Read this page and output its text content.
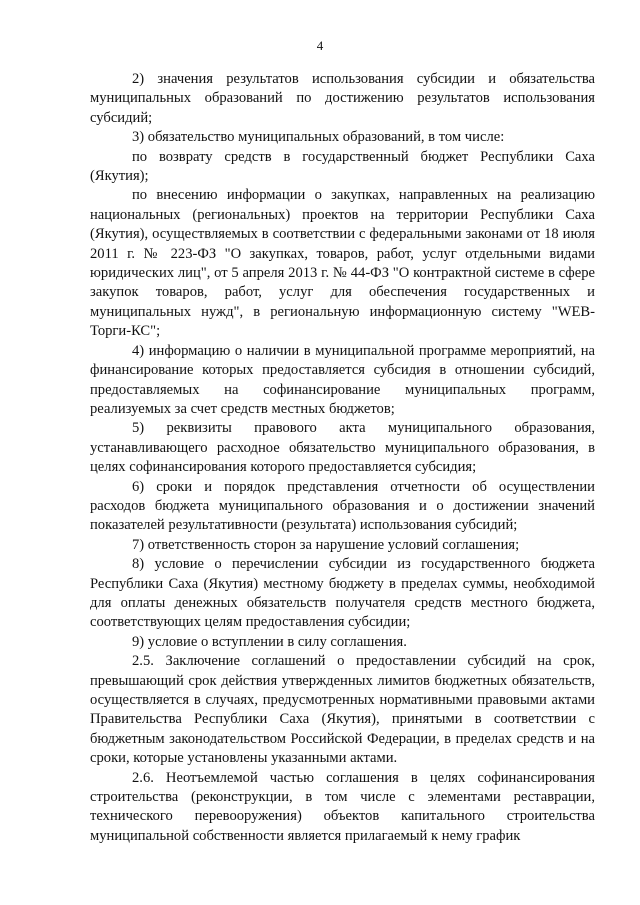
4

2) значения результатов использования субсидии и обязательства муниципальных образований по достижению результатов использования субсидий;

3) обязательство муниципальных образований, в том числе:

по возврату средств в государственный бюджет Республики Саха (Якутия);

по внесению информации о закупках, направленных на реализацию национальных (региональных) проектов на территории Республики Саха (Якутия), осуществляемых в соответствии с федеральными законами от 18 июля 2011 г. № 223-ФЗ "О закупках, товаров, работ, услуг отдельными видами юридических лиц", от 5 апреля 2013 г. № 44-ФЗ "О контрактной системе в сфере закупок товаров, работ, услуг для обеспечения государственных и муниципальных нужд", в региональную информационную систему "WEB-Торги-КС";

4) информацию о наличии в муниципальной программе мероприятий, на финансирование которых предоставляется субсидия в отношении субсидий, предоставляемых на софинансирование муниципальных программ, реализуемых за счет средств местных бюджетов;

5) реквизиты правового акта муниципального образования, устанавливающего расходное обязательство муниципального образования, в целях софинансирования которого предоставляется субсидия;

6) сроки и порядок представления отчетности об осуществлении расходов бюджета муниципального образования и о достижении значений показателей результативности (результата) использования субсидий;

7) ответственность сторон за нарушение условий соглашения;

8) условие о перечислении субсидии из государственного бюджета Республики Саха (Якутия) местному бюджету в пределах суммы, необходимой для оплаты денежных обязательств получателя средств местного бюджета, соответствующих целям предоставления субсидии;

9) условие о вступлении в силу соглашения.

2.5. Заключение соглашений о предоставлении субсидий на срок, превышающий срок действия утвержденных лимитов бюджетных обязательств, осуществляется в случаях, предусмотренных нормативными правовыми актами Правительства Республики Саха (Якутия), принятыми в соответствии с бюджетным законодательством Российской Федерации, в пределах средств и на сроки, которые установлены указанными актами.

2.6. Неотъемлемой частью соглашения в целях софинансирования строительства (реконструкции, в том числе с элементами реставрации, технического перевооружения) объектов капитального строительства муниципальной собственности является прилагаемый к нему график
